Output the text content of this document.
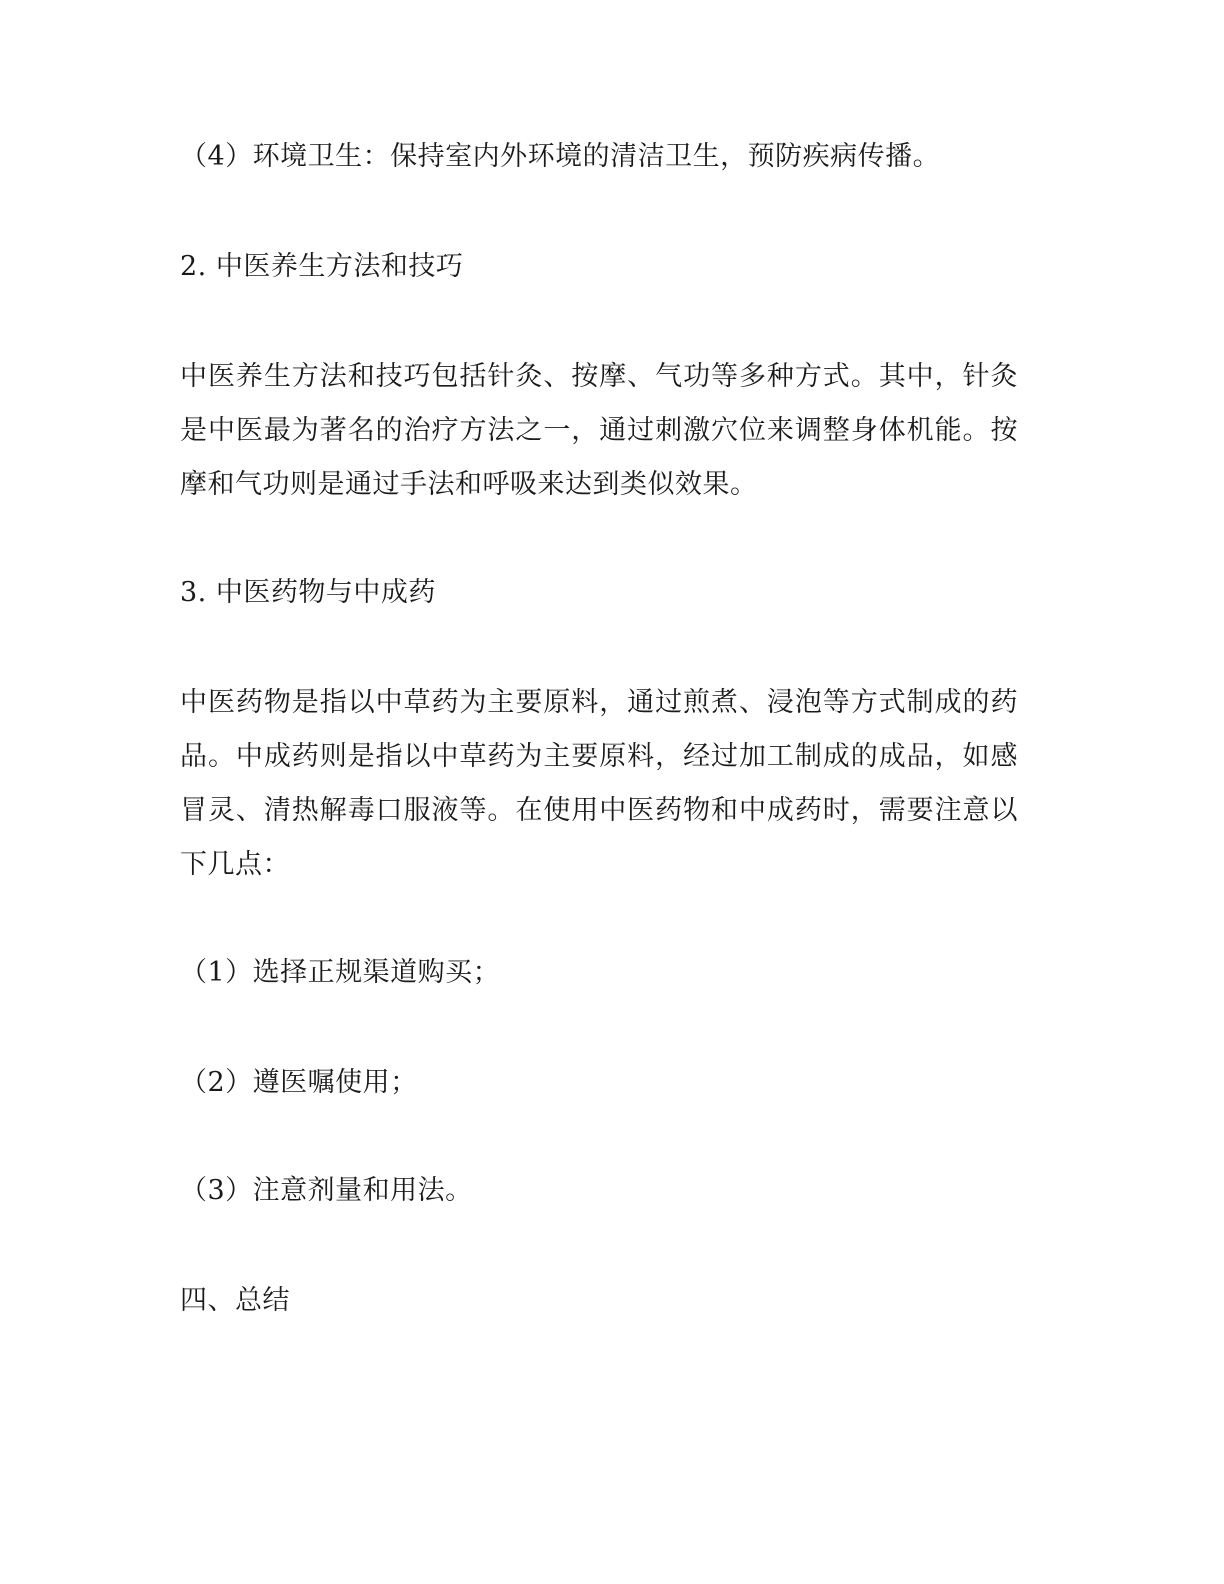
（4）环境卫生：保持室内外环境的清洁卫生，预防疾病传播。
2. 中医养生方法和技巧
中医养生方法和技巧包括针灸、按摩、气功等多种方式。其中，针灸是中医最为著名的治疗方法之一，通过刺激穴位来调整身体机能。按摩和气功则是通过手法和呼吸来达到类似效果。
3. 中医药物与中成药
中医药物是指以中草药为主要原料，通过煎煮、浸泡等方式制成的药品。中成药则是指以中草药为主要原料，经过加工制成的成品，如感冒灵、清热解毒口服液等。在使用中医药物和中成药时，需要注意以下几点：
（1）选择正规渠道购买；
（2）遵医嘱使用；
（3）注意剂量和用法。
四、总结
